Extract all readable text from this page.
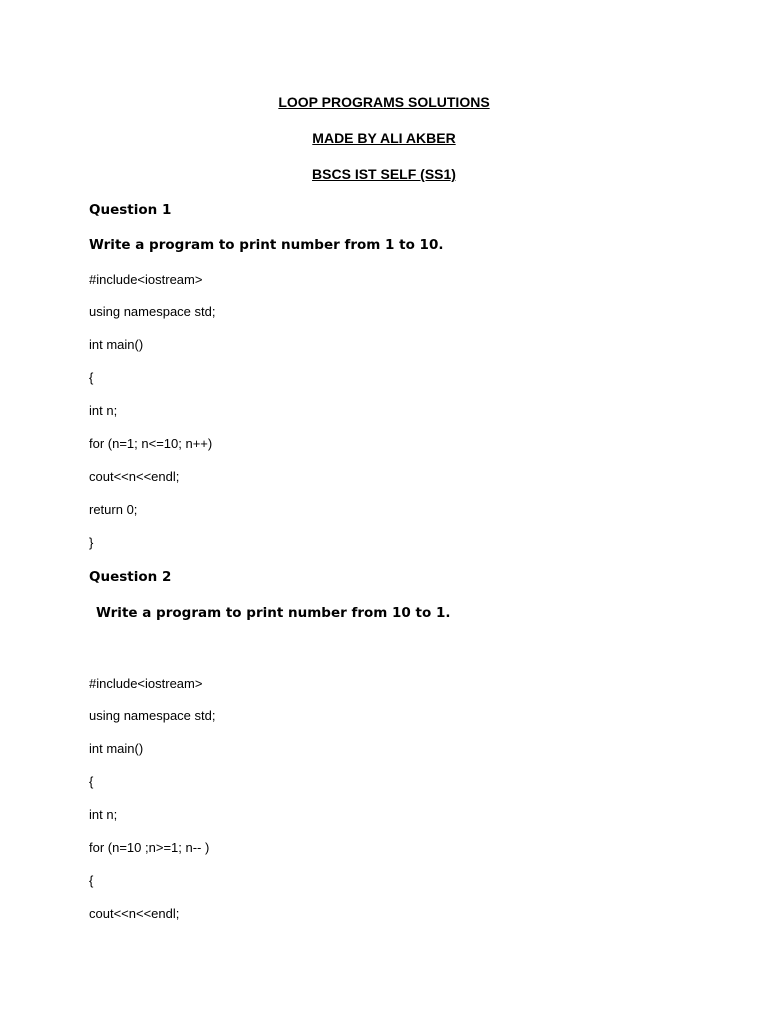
LOOP PROGRAMS SOLUTIONS
MADE BY ALI AKBER
BSCS IST SELF (SS1)
Question 1
Write a program to print number from 1 to 10.
#include<iostream>
using namespace std;
int main()
{
int n;
for (n=1; n<=10; n++)
cout<<n<<endl;
return 0;
}
Question 2
Write a program to print number from 10 to 1.
#include<iostream>
using namespace std;
int main()
{
int n;
for (n=10 ;n>=1; n-- )
{
cout<<n<<endl;
